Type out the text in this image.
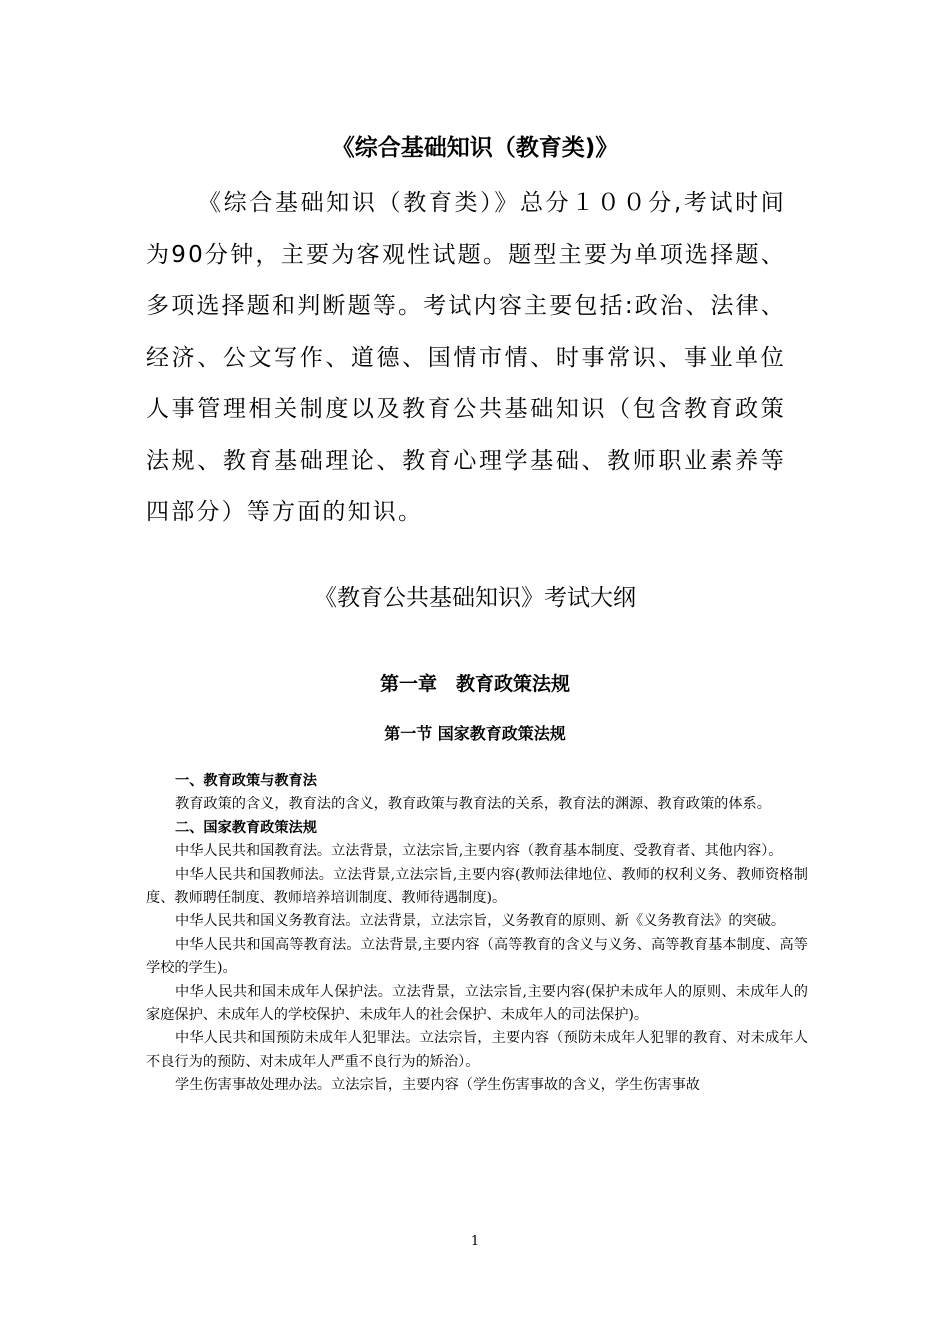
《综合基础知识（教育类)》

《综合基础知识（教育类）》总分１００分,考试时间为90分钟，主要为客观性试题。题型主要为单项选择题、多项选择题和判断题等。考试内容主要包括:政治、法律、经济、公文写作、道德、国情市情、时事常识、事业单位人事管理相关制度以及教育公共基础知识（包含教育政策法规、教育基础理论、教育心理学基础、教师职业素养等四部分）等方面的知识。

《教育公共基础知识》考试大纲
第一章　教育政策法规
第一节 国家教育政策法规

一、教育政策与教育法

教育政策的含义，教育法的含义，教育政策与教育法的关系，教育法的渊源、教育政策的体系。

二、国家教育政策法规

中华人民共和国教育法。立法背景，立法宗旨,主要内容（教育基本制度、受教育者、其他内容）。

中华人民共和国教师法。立法背景,立法宗旨,主要内容(教师法律地位、教师的权利义务、教师资格制度、教师聘任制度、教师培养培训制度、教师待遇制度)。

中华人民共和国义务教育法。立法背景，立法宗旨，义务教育的原则、新《义务教育法》的突破。

中华人民共和国高等教育法。立法背景,主要内容（高等教育的含义与义务、高等教育基本制度、高等学校的学生)。

中华人民共和国未成年人保护法。立法背景，立法宗旨,主要内容(保护未成年人的原则、未成年人的家庭保护、未成年人的学校保护、未成年人的社会保护、未成年人的司法保护)。

中华人民共和国预防未成年人犯罪法。立法宗旨，主要内容（预防未成年人犯罪的教育、对未成年人不良行为的预防、对未成年人严重不良行为的矫治）。

学生伤害事故处理办法。立法宗旨，主要内容（学生伤害事故的含义，学生伤害事故

1
